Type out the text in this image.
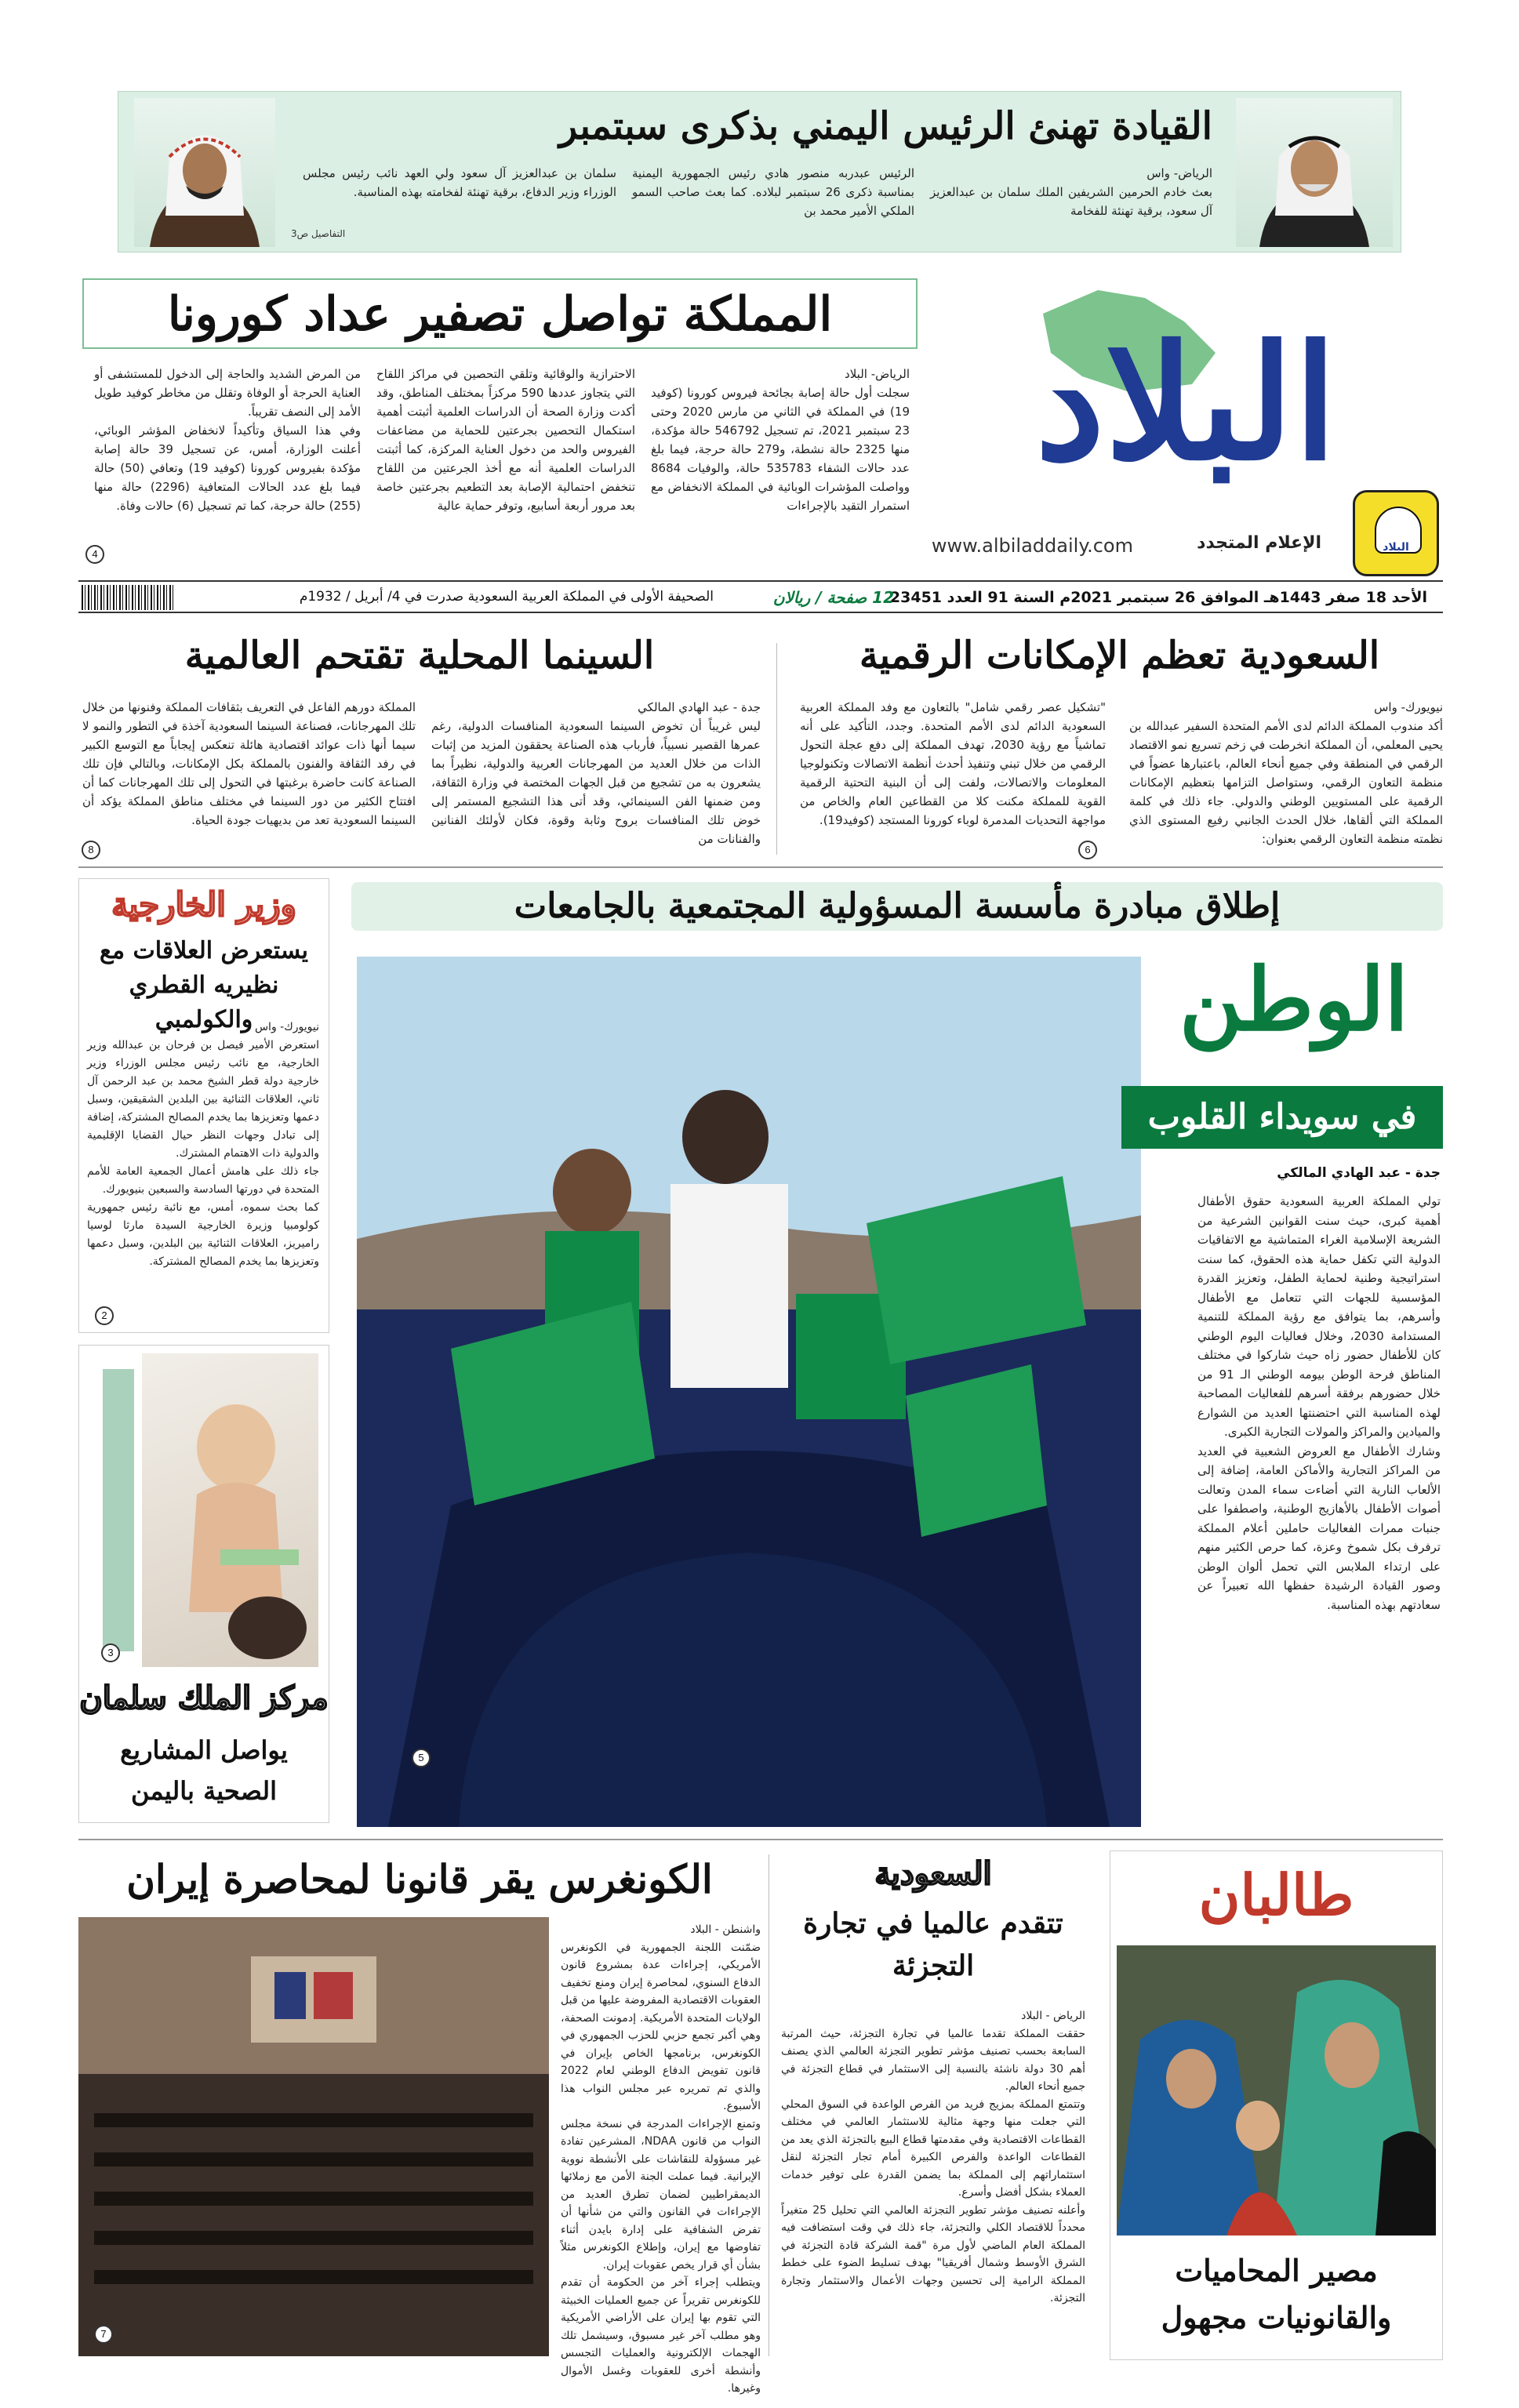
القيادة تهنئ الرئيس اليمني بذكرى سبتمبر
الرياض- واس
بعث خادم الحرمين الشريفين الملك سلمان بن عبدالعزيز آل سعود، برقية تهنئة للفخامة
الرئيس عبدربه منصور هادي رئيس الجمهورية اليمنية بمناسبة ذكرى 26 سبتمبر لبلاده. كما بعث صاحب السمو الملكي الأمير محمد بن
سلمان بن عبدالعزيز آل سعود ولي العهد نائب رئيس مجلس الوزراء وزير الدفاع، برقية تهنئة لفخامته بهذه المناسبة.
التفاصيل ص3
البلاد
الإعلام المتجدد
www.albiladdaily.com	البلاد
المملكة تواصل تصفير عداد كورونا
الرياض- البلاد
سجلت أول حالة إصابة بجائحة فيروس كورونا (كوفيد 19) في المملكة في الثاني من مارس 2020 وحتى 23 سبتمبر 2021، تم تسجيل 546792 حالة مؤكدة، منها 2325 حالة نشطة، و279 حالة حرجة، فيما بلغ عدد حالات الشفاء 535783 حالة، والوفيات 8684 وواصلت المؤشرات الوبائية في المملكة الانخفاض مع استمرار التقيد بالإجراءات
الاحترازية والوقائية وتلقي التحصين في مراكز اللقاح التي يتجاوز عددها 590 مركزاً بمختلف المناطق، وقد أكدت وزارة الصحة أن الدراسات العلمية أثبتت أهمية استكمال التحصين بجرعتين للحماية من مضاعفات الفيروس والحد من دخول العناية المركزة، كما أثبتت الدراسات العلمية أنه مع أخذ الجرعتين من اللقاح تنخفض احتمالية الإصابة بعد التطعيم بجرعتين خاصة بعد مرور أربعة أسابيع، وتوفر حماية عالية
من المرض الشديد والحاجة إلى الدخول للمستشفى أو العناية الحرجة أو الوفاة وتقلل من مخاطر كوفيد طويل الأمد إلى النصف تقريباً.
وفي هذا السياق وتأكيداً لانخفاض المؤشر الوبائي، أعلنت الوزارة، أمس، عن تسجيل 39 حالة إصابة مؤكدة بفيروس كورونا (كوفيد 19) وتعافي (50) حالة فيما بلغ عدد الحالات المتعافية (2296) حالة منها (255) حالة حرجة، كما تم تسجيل (6) حالات وفاة.
4
الأحد 18 صفر 1443هـ الموافق 26 سبتمبر 2021م السنة 91 العدد 23451
12 صفحة / ريالان
الصحيفة الأولى في المملكة العربية السعودية صدرت في 4/ أبريل / 1932م
السعودية تعظم الإمكانات الرقمية
نيويورك- واس
أكد مندوب المملكة الدائم لدى الأمم المتحدة السفير عبدالله بن يحيى المعلمي، أن المملكة انخرطت في زخم تسريع نمو الاقتصاد الرقمي في المنطقة وفي جميع أنحاء العالم، باعتبارها عضواً في منظمة التعاون الرقمي، وستواصل التزامها بتعظيم الإمكانات الرقمية على المستويين الوطني والدولي. جاء ذلك في كلمة المملكة التي ألقاها، خلال الحدث الجانبي رفيع المستوى الذي نظمته منظمة التعاون الرقمي بعنوان:
"تشكيل عصر رقمي شامل" بالتعاون مع وفد المملكة العربية السعودية الدائم لدى الأمم المتحدة. وجدد، التأكيد على أنه تماشياً مع رؤية 2030، تهدف المملكة إلى دفع عجلة التحول الرقمي من خلال تبني وتنفيذ أحدث أنظمة الاتصالات وتكنولوجيا المعلومات والاتصالات، ولفت إلى أن البنية التحتية الرقمية القوية للمملكة مكنت كلا من القطاعين العام والخاص من مواجهة التحديات المدمرة لوباء كورونا المستجد (كوفيد19).
6
السينما المحلية تقتحم العالمية
جدة - عبد الهادي المالكي
ليس غريباً أن تخوض السينما السعودية المنافسات الدولية، رغم عمرها القصير نسبياً، فأرباب هذه الصناعة يحققون المزيد من إثبات الذات من خلال العديد من المهرجانات العربية والدولية، نظيراً بما يشعرون به من تشجيع من قبل الجهات المختصة في وزارة الثقافة، ومن ضمنها الفن السينمائي، وقد أتى هذا التشجيع المستمر إلى خوض تلك المنافسات بروح وثابة وقوة، فكان لأولئك الفنانين والفنانات من
المملكة دورهم الفاعل في التعريف بثقافات المملكة وفنونها من خلال تلك المهرجانات، فصناعة السينما السعودية آخذة في التطور والنمو لا سيما أنها ذات عوائد اقتصادية هائلة تنعكس إيجاباً مع التوسع الكبير في رفد الثقافة والفنون بالمملكة بكل الإمكانات، وبالتالي فإن تلك الصناعة كانت حاضرة برغبتها في التحول إلى تلك المهرجانات كما أن افتتاح الكثير من دور السينما في مختلف مناطق المملكة يؤكد أن السينما السعودية تعد من بديهيات جودة الحياة.
8
إطلاق مبادرة مأسسة المسؤولية المجتمعية بالجامعات
وزير الخارجية
يستعرض العلاقات مع نظيريه القطري والكولمبي	نيويورك- واس
استعرض الأمير فيصل بن فرحان بن عبدالله وزير الخارجية، مع نائب رئيس مجلس الوزراء وزير خارجية دولة قطر الشيخ محمد بن عبد الرحمن آل ثاني، العلاقات الثنائية بين البلدين الشقيقين، وسبل دعمها وتعزيزها بما يخدم المصالح المشتركة، إضافة إلى تبادل وجهات النظر حيال القضايا الإقليمية والدولية ذات الاهتمام المشترك.
جاء ذلك على هامش أعمال الجمعية العامة للأمم المتحدة في دورتها السادسة والسبعين بنيويورك.
كما بحث سموه، أمس، مع نائبة رئيس جمهورية كولومبيا وزيرة الخارجية السيدة مارثا لوسيا راميريز، العلاقات الثنائية بين البلدين، وسبل دعمها وتعزيزها بما يخدم المصالح المشتركة.
2
3
مركز الملك سلمان
يواصل المشاريع الصحية باليمن
5
الوطن
في سويداء القلوب
جدة - عبد الهادي المالكي
تولي المملكة العربية السعودية حقوق الأطفال أهمية كبرى، حيث سنت القوانين الشرعية من الشريعة الإسلامية الغراء المتماشية مع الاتفاقيات الدولية التي تكفل حماية هذه الحقوق، كما سنت استراتيجية وطنية لحماية الطفل، وتعزيز القدرة المؤسسية للجهات التي تتعامل مع الأطفال وأسرهم، بما يتوافق مع رؤية المملكة للتنمية المستدامة 2030، وخلال فعاليات اليوم الوطني كان للأطفال حضور زاه حيث شاركوا في مختلف المناطق فرحة الوطن بيومه الوطني الـ 91 من خلال حضورهم برفقة أسرهم للفعاليات المصاحبة لهذه المناسبة التي احتضنتها العديد من الشوارع والميادين والمراكز والمولات التجارية الكبرى.
وشارك الأطفال مع العروض الشعبية في العديد من المراكز التجارية والأماكن العامة، إضافة إلى الألعاب النارية التي أضاءت سماء المدن وتعالت أصوات الأطفال بالأهازيج الوطنية، واصطفوا على جنبات ممرات الفعاليات حاملين أعلام المملكة ترفرف بكل شموخ وعزة، كما حرص الكثير منهم على ارتداء الملابس التي تحمل ألوان الوطن وصور القيادة الرشيدة حفظها الله تعبيراً عن سعادتهم بهذه المناسبة.
الكونغرس يقر قانونا لمحاصرة إيران
7
واشنطن - البلاد
ضمّنت اللجنة الجمهورية في الكونغرس الأمريكي، إجراءات عدة بمشروع قانون الدفاع السنوي، لمحاصرة إيران ومنع تخفيف العقوبات الاقتصادية المفروضة عليها من قبل الولايات المتحدة الأمريكية. إدمونت الصحفة، وهي أكبر تجمع حزبي للحزب الجمهوري في الكونغرس، برنامجها الخاص بإيران في قانون تفويض الدفاع الوطني لعام 2022 والذي تم تمريره عبر مجلس النواب هذا الأسبوع.
وتمنع الإجراءات المدرجة في نسخة مجلس النواب من قانون NDAA، المشرعين تفادة غير مسؤولة للنقاشات على الأنشطة نووية الإيرانية. فيما عملت الجنة الأمن مع زملائها الديمقراطيين لضمان تطرق العديد من الإجراءات في القانون والتي من شأنها أن تفرض الشفافية على إدارة بايدن أثناء تفاوضها مع إيران، وإطلاع الكونغرس مثلاً بشأن أي قرار يخص عقوبات إيران.
ويتطلب إجراء آخر من الحكومة أن تقدم للكونغرس تقريراً عن جميع العمليات الخبيثة التي تقوم بها إيران على الأراضي الأمريكية وهو مطلب آخر غير مسبوق، وسيشمل تلك الهجمات الإلكترونية والعمليات التجسس وأنشطة أخرى للعقوبات وغسل الأموال وغيرها.
السعودية
تتقدم عالميا في تجارة التجزئة
الرياض - البلاد
حققت المملكة تقدما عالميا في تجارة التجزئة، حيث المرتبة السابعة بحسب تصنيف مؤشر تطوير التجزئة العالمي الذي يصنف أهم 30 دولة ناشئة بالنسبة إلى الاستثمار في قطاع التجزئة في جميع أنحاء العالم.
وتتمتع المملكة بمزيج فريد من الفرص الواعدة في السوق المحلي التي جعلت منها وجهة مثالية للاستثمار العالمي في مختلف القطاعات الاقتصادية وفي مقدمتها قطاع البيع بالتجزئة الذي يعد من القطاعات الواعدة والفرص الكبيرة أمام تجار التجزئة لنقل استثماراتهم إلى المملكة بما يضمن القدرة على توفير خدمات العملاء بشكل أفضل وأسرع.
وأعلنه تصنيف مؤشر تطوير التجزئة العالمي التي تحليل 25 متغيراً محدداً للاقتصاد الكلي والتجزئة، جاء ذلك في وقت استضافت فيه المملكة العام الماضي لأول مرة "قمة الشركة قادة التجزئة في الشرق الأوسط وشمال أفريقيا" بهدف تسليط الضوء على خطط المملكة الرامية إلى تحسين وجهات الأعمال والاستثمار وتجارة التجزئة.
طالبان
مصير المحاميات والقانونيات مجهول
